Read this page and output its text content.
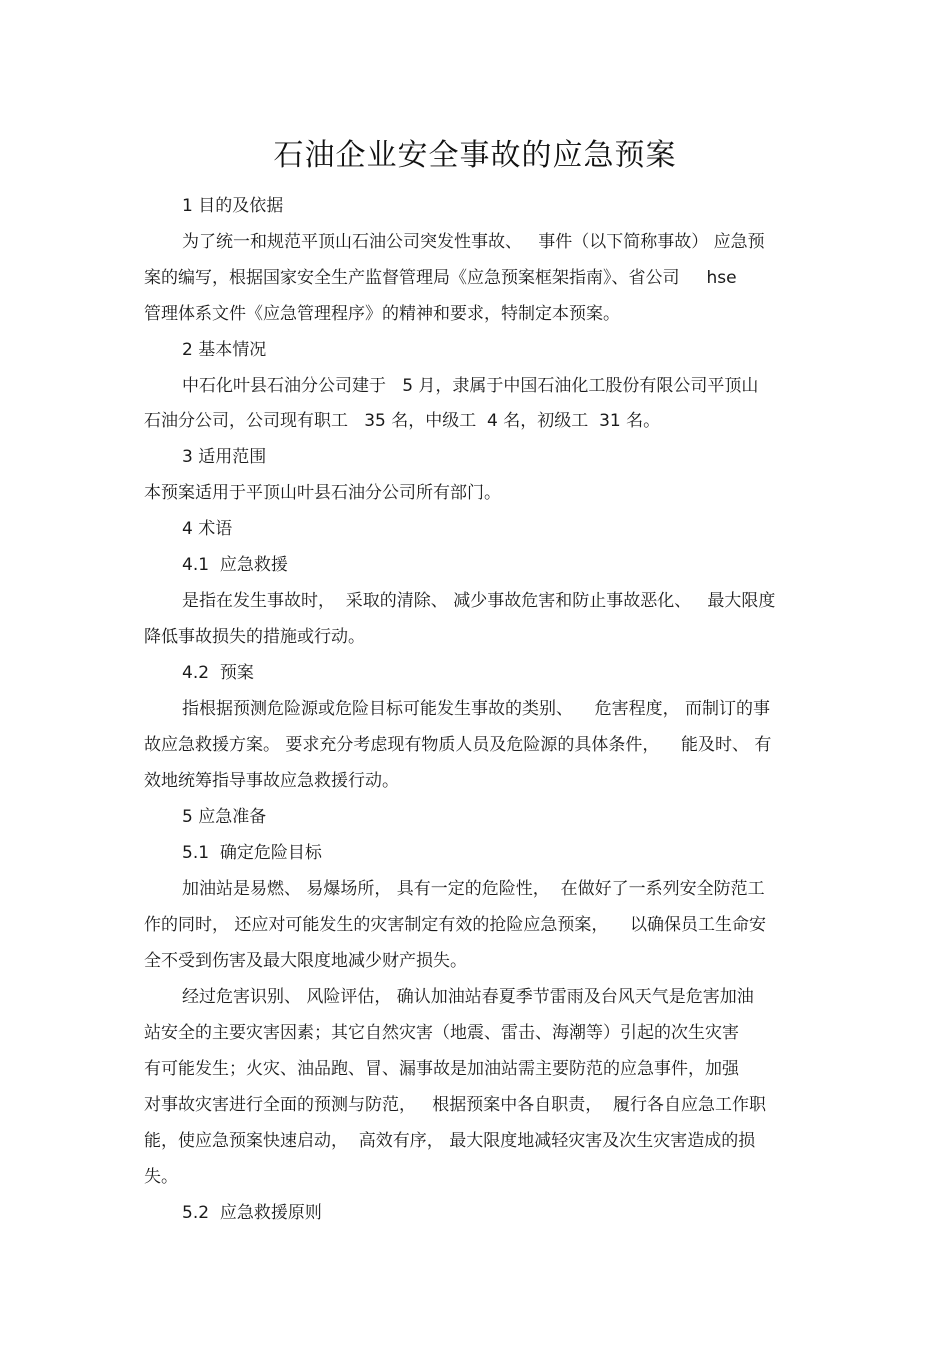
石油企业安全事故的应急预案
1 目的及依据
为了统一和规范平顶山石油公司突发性事故、   事件（以下简称事故） 应急预
案的编写，根据国家安全生产监督管理局《应急预案框架指南》、省公司     hse
管理体系文件《应急管理程序》的精神和要求，特制定本预案。
2 基本情况
中石化叶县石油分公司建于   5 月，隶属于中国石油化工股份有限公司平顶山
石油分公司，公司现有职工   35 名，中级工  4 名，初级工  31 名。
3 适用范围
本预案适用于平顶山叶县石油分公司所有部门。
4 术语
4.1  应急救援
是指在发生事故时，  采取的清除、 减少事故危害和防止事故恶化、   最大限度
降低事故损失的措施或行动。
4.2  预案
指根据预测危险源或危险目标可能发生事故的类别、    危害程度， 而制订的事
故应急救援方案。 要求充分考虑现有物质人员及危险源的具体条件，    能及时、 有
效地统筹指导事故应急救援行动。
5 应急准备
5.1  确定危险目标
加油站是易燃、 易爆场所， 具有一定的危险性，  在做好了一系列安全防范工
作的同时， 还应对可能发生的灾害制定有效的抢险应急预案，    以确保员工生命安
全不受到伤害及最大限度地减少财产损失。
经过危害识别、 风险评估， 确认加油站春夏季节雷雨及台风天气是危害加油
站安全的主要灾害因素；其它自然灾害（地震、雷击、海潮等）引起的次生灾害
有可能发生；火灾、油品跑、冒、漏事故是加油站需主要防范的应急事件，加强
对事故灾害进行全面的预测与防范，   根据预案中各自职责，  履行各自应急工作职
能，使应急预案快速启动，  高效有序， 最大限度地减轻灾害及次生灾害造成的损
失。
5.2  应急救援原则
